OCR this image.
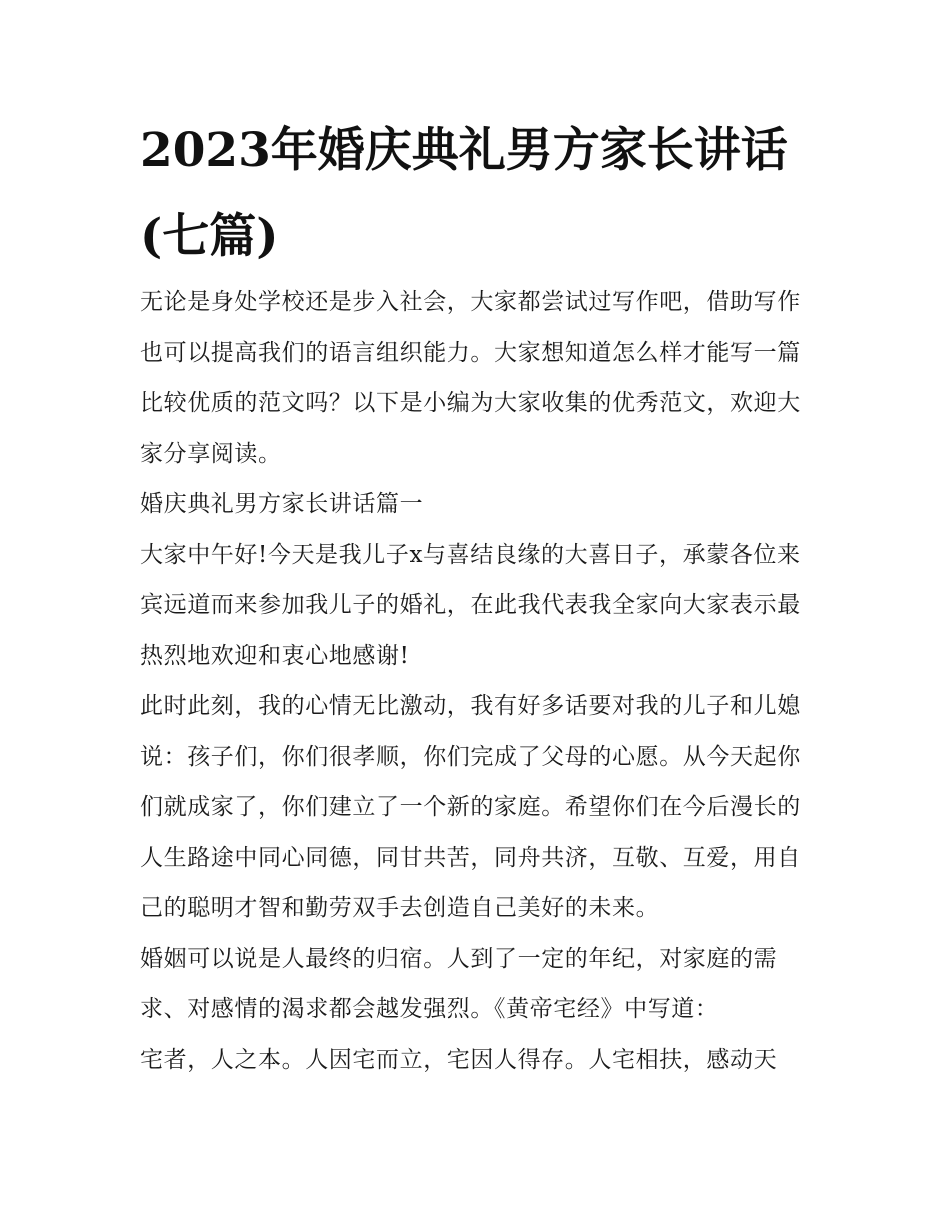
2023年婚庆典礼男方家长讲话(七篇)

无论是身处学校还是步入社会，大家都尝试过写作吧，借助写作也可以提高我们的语言组织能力。大家想知道怎么样才能写一篇比较优质的范文吗？以下是小编为大家收集的优秀范文，欢迎大家分享阅读。

婚庆典礼男方家长讲话篇一

大家中午好!今天是我儿子x与喜结良缘的大喜日子，承蒙各位来宾远道而来参加我儿子的婚礼，在此我代表我全家向大家表示最热烈地欢迎和衷心地感谢!

此时此刻，我的心情无比激动，我有好多话要对我的儿子和儿媳说：孩子们，你们很孝顺，你们完成了父母的心愿。从今天起你们就成家了，你们建立了一个新的家庭。希望你们在今后漫长的人生路途中同心同德，同甘共苦，同舟共济，互敬、互爱，用自己的聪明才智和勤劳双手去创造自己美好的未来。

婚姻可以说是人最终的归宿。人到了一定的年纪，对家庭的需求、对感情的渴求都会越发强烈。《黄帝宅经》中写道：

宅者，人之本。人因宅而立，宅因人得存。人宅相扶，感动天
